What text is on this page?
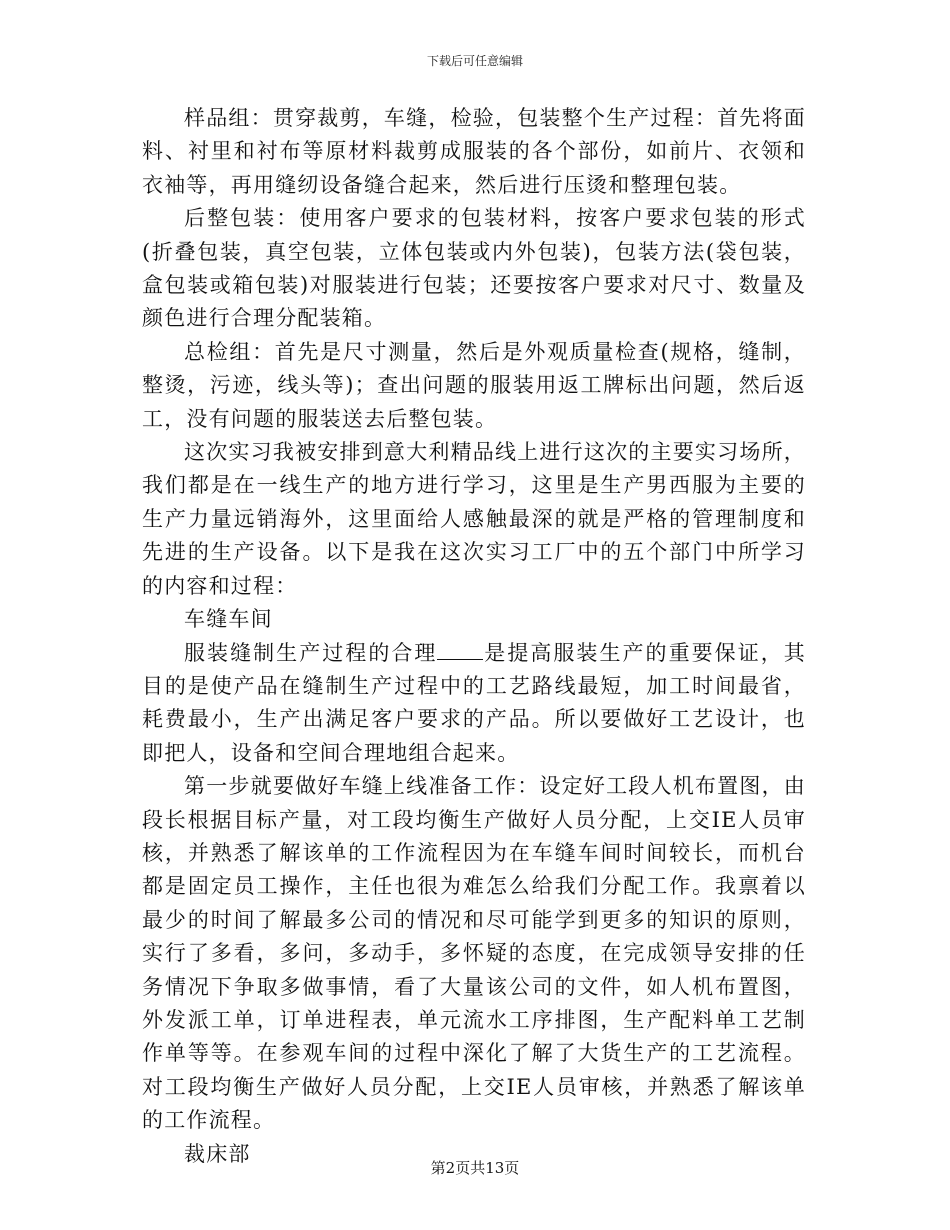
下载后可任意编辑

样品组：贯穿裁剪，车缝，检验，包装整个生产过程：首先将面料、衬里和衬布等原材料裁剪成服装的各个部份，如前片、衣领和衣袖等，再用缝纫设备缝合起来，然后进行压烫和整理包装。

后整包装：使用客户要求的包装材料，按客户要求包装的形式(折叠包装，真空包装，立体包装或内外包装)，包装方法(袋包装，盒包装或箱包装)对服装进行包装；还要按客户要求对尺寸、数量及颜色进行合理分配装箱。

总检组：首先是尺寸测量，然后是外观质量检查(规格，缝制，整烫，污迹，线头等)；查出问题的服装用返工牌标出问题，然后返工，没有问题的服装送去后整包装。

这次实习我被安排到意大利精品线上进行这次的主要实习场所，我们都是在一线生产的地方进行学习，这里是生产男西服为主要的生产力量远销海外，这里面给人感触最深的就是严格的管理制度和先进的生产设备。以下是我在这次实习工厂中的五个部门中所学习的内容和过程：

车缝车间

服装缝制生产过程的合理 是提高服装生产的重要保证，其目的是使产品在缝制生产过程中的工艺路线最短，加工时间最省，耗费最小，生产出满足客户要求的产品。所以要做好工艺设计，也即把人，设备和空间合理地组合起来。

第一步就要做好车缝上线准备工作：设定好工段人机布置图，由段长根据目标产量，对工段均衡生产做好人员分配，上交IE人员审核，并熟悉了解该单的工作流程因为在车缝车间时间较长，而机台都是固定员工操作，主任也很为难怎么给我们分配工作。我禀着以最少的时间了解最多公司的情况和尽可能学到更多的知识的原则，实行了多看，多问，多动手，多怀疑的态度，在完成领导安排的任务情况下争取多做事情，看了大量该公司的文件，如人机布置图，外发派工单，订单进程表，单元流水工序排图，生产配料单工艺制作单等等。在参观车间的过程中深化了解了大货生产的工艺流程。对工段均衡生产做好人员分配，上交IE人员审核，并熟悉了解该单的工作流程。

裁床部

第2页共13页
